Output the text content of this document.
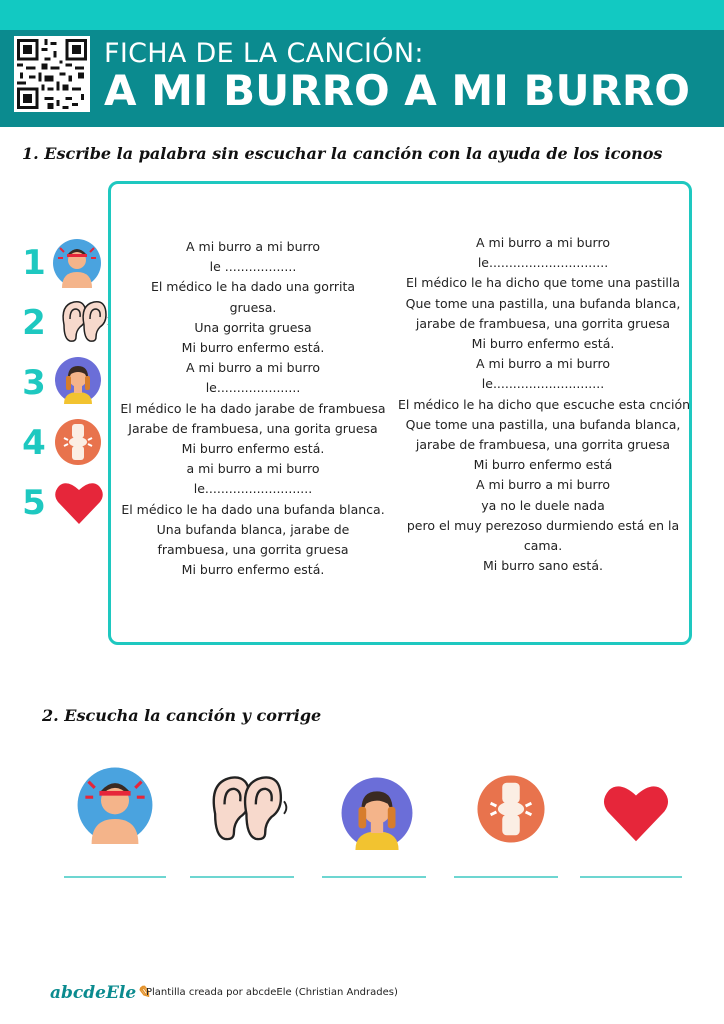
FICHA DE LA CANCIÓN:
A MI BURRO A MI BURRO
1. Escribe la palabra sin escuchar la canción con la ayuda de los iconos
1
2
3
4
5
A mi burro a mi burro
le ..................
El médico le ha dado una gorrita
gruesa.
Una gorrita gruesa
Mi burro enfermo está.
A mi burro a mi burro
le.....................
El médico le ha dado jarabe de frambuesa
Jarabe de frambuesa, una gorita gruesa
Mi burro enfermo está.
a mi burro a mi burro
le...........................
El médico le ha dado una bufanda blanca.
Una bufanda blanca, jarabe de
frambuesa, una gorrita gruesa
Mi burro enfermo está.
A mi burro a mi burro
le..............................
El médico le ha dicho que tome una pastilla
Que tome una pastilla, una bufanda blanca,
jarabe de frambuesa, una gorrita gruesa
Mi burro enfermo está.
A mi burro a mi burro
le............................
El médico le ha dicho que escuche esta cnción
Que tome una pastilla, una bufanda blanca,
jarabe de frambuesa, una gorrita gruesa
Mi burro enfermo está
A mi burro a mi burro
ya no le duele nada
pero el muy perezoso durmiendo está en la
cama.
Mi burro sano está.
2. Escucha la canción y corrige
abcdeEle✎
Plantilla creada por abcdeEle (Christian Andrades)
